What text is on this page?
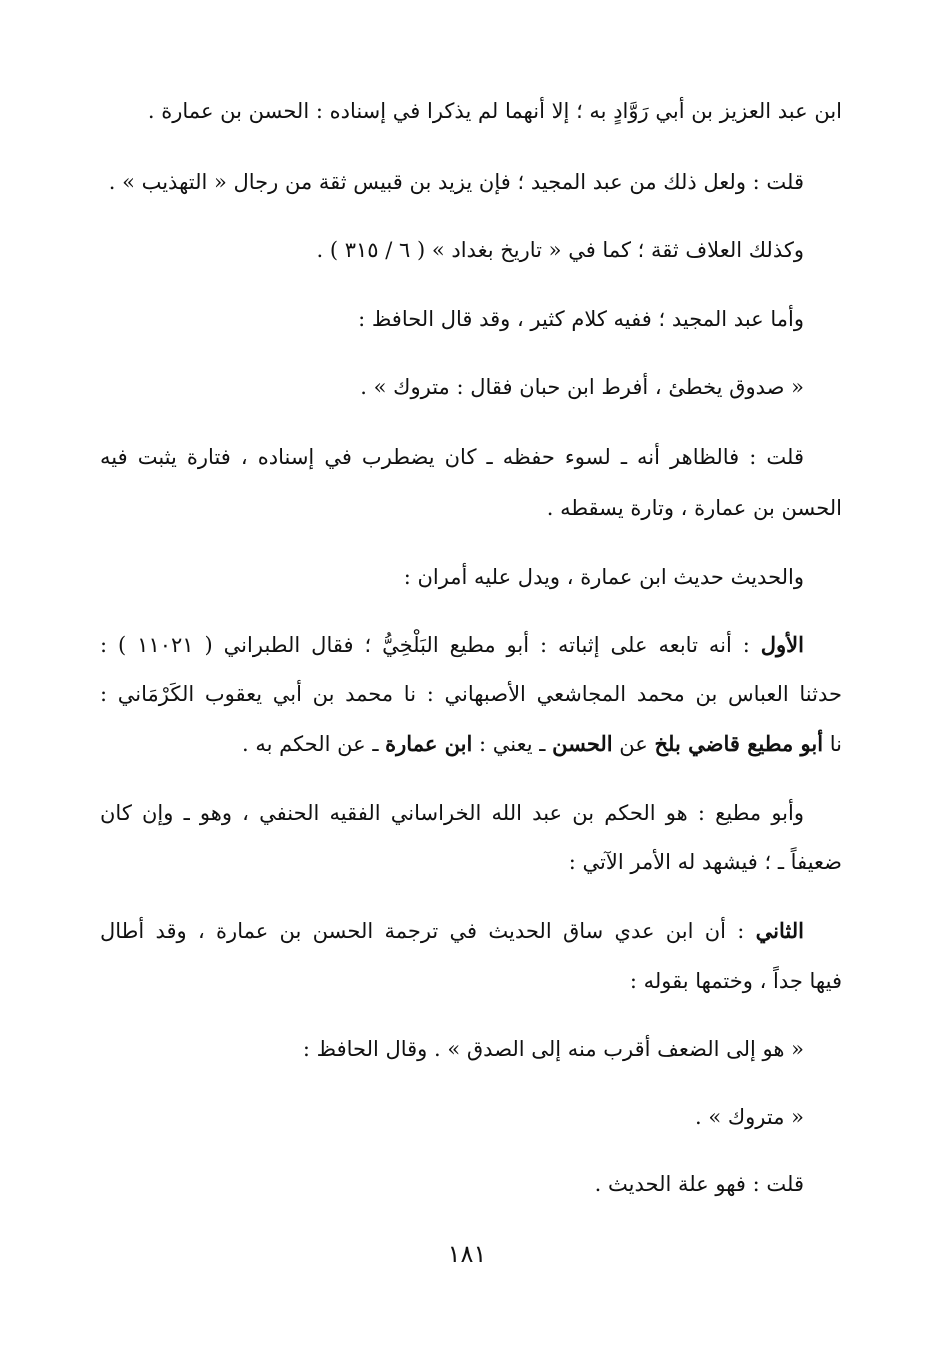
ابن عبد العزيز بن أبي رَوَّادٍ به ؛ إلا أنهما لم يذكرا في إسناده : الحسن بن عمارة .
قلت : ولعل ذلك من عبد المجيد ؛ فإن يزيد بن قبيس ثقة من رجال « التهذيب » .
وكذلك العلاف ثقة ؛ كما في « تاريخ بغداد » ( ٦ / ٣١٥ ) .
وأما عبد المجيد ؛ ففيه كلام كثير ، وقد قال الحافظ :
« صدوق يخطئ ، أفرط ابن حبان فقال : متروك » .
قلت : فالظاهر أنه ـ لسوء حفظه ـ كان يضطرب في إسناده ، فتارة يثبت فيه
الحسن بن عمارة ، وتارة يسقطه .
والحديث حديث ابن عمارة ، ويدل عليه أمران :
الأول : أنه تابعه على إثباته : أبو مطيع البَلْخِيُّ ؛ فقال الطبراني ( ١١٠٢١ ) :
حدثنا العباس بن محمد المجاشعي الأصبهاني : نا محمد بن أبي يعقوب الكَرْمَاني :
نا أبو مطيع قاضي بلخ عن الحسن ـ يعني : ابن عمارة ـ عن الحكم به .
وأبو مطيع : هو الحكم بن عبد الله الخراساني الفقيه الحنفي ، وهو ـ وإن كان
ضعيفاً ـ ؛ فيشهد له الأمر الآتي :
الثاني : أن ابن عدي ساق الحديث في ترجمة الحسن بن عمارة ، وقد أطال
فيها جداً ، وختمها بقوله :
« هو إلى الضعف أقرب منه إلى الصدق » . وقال الحافظ :
« متروك » .
قلت : فهو علة الحديث .
١٨١
